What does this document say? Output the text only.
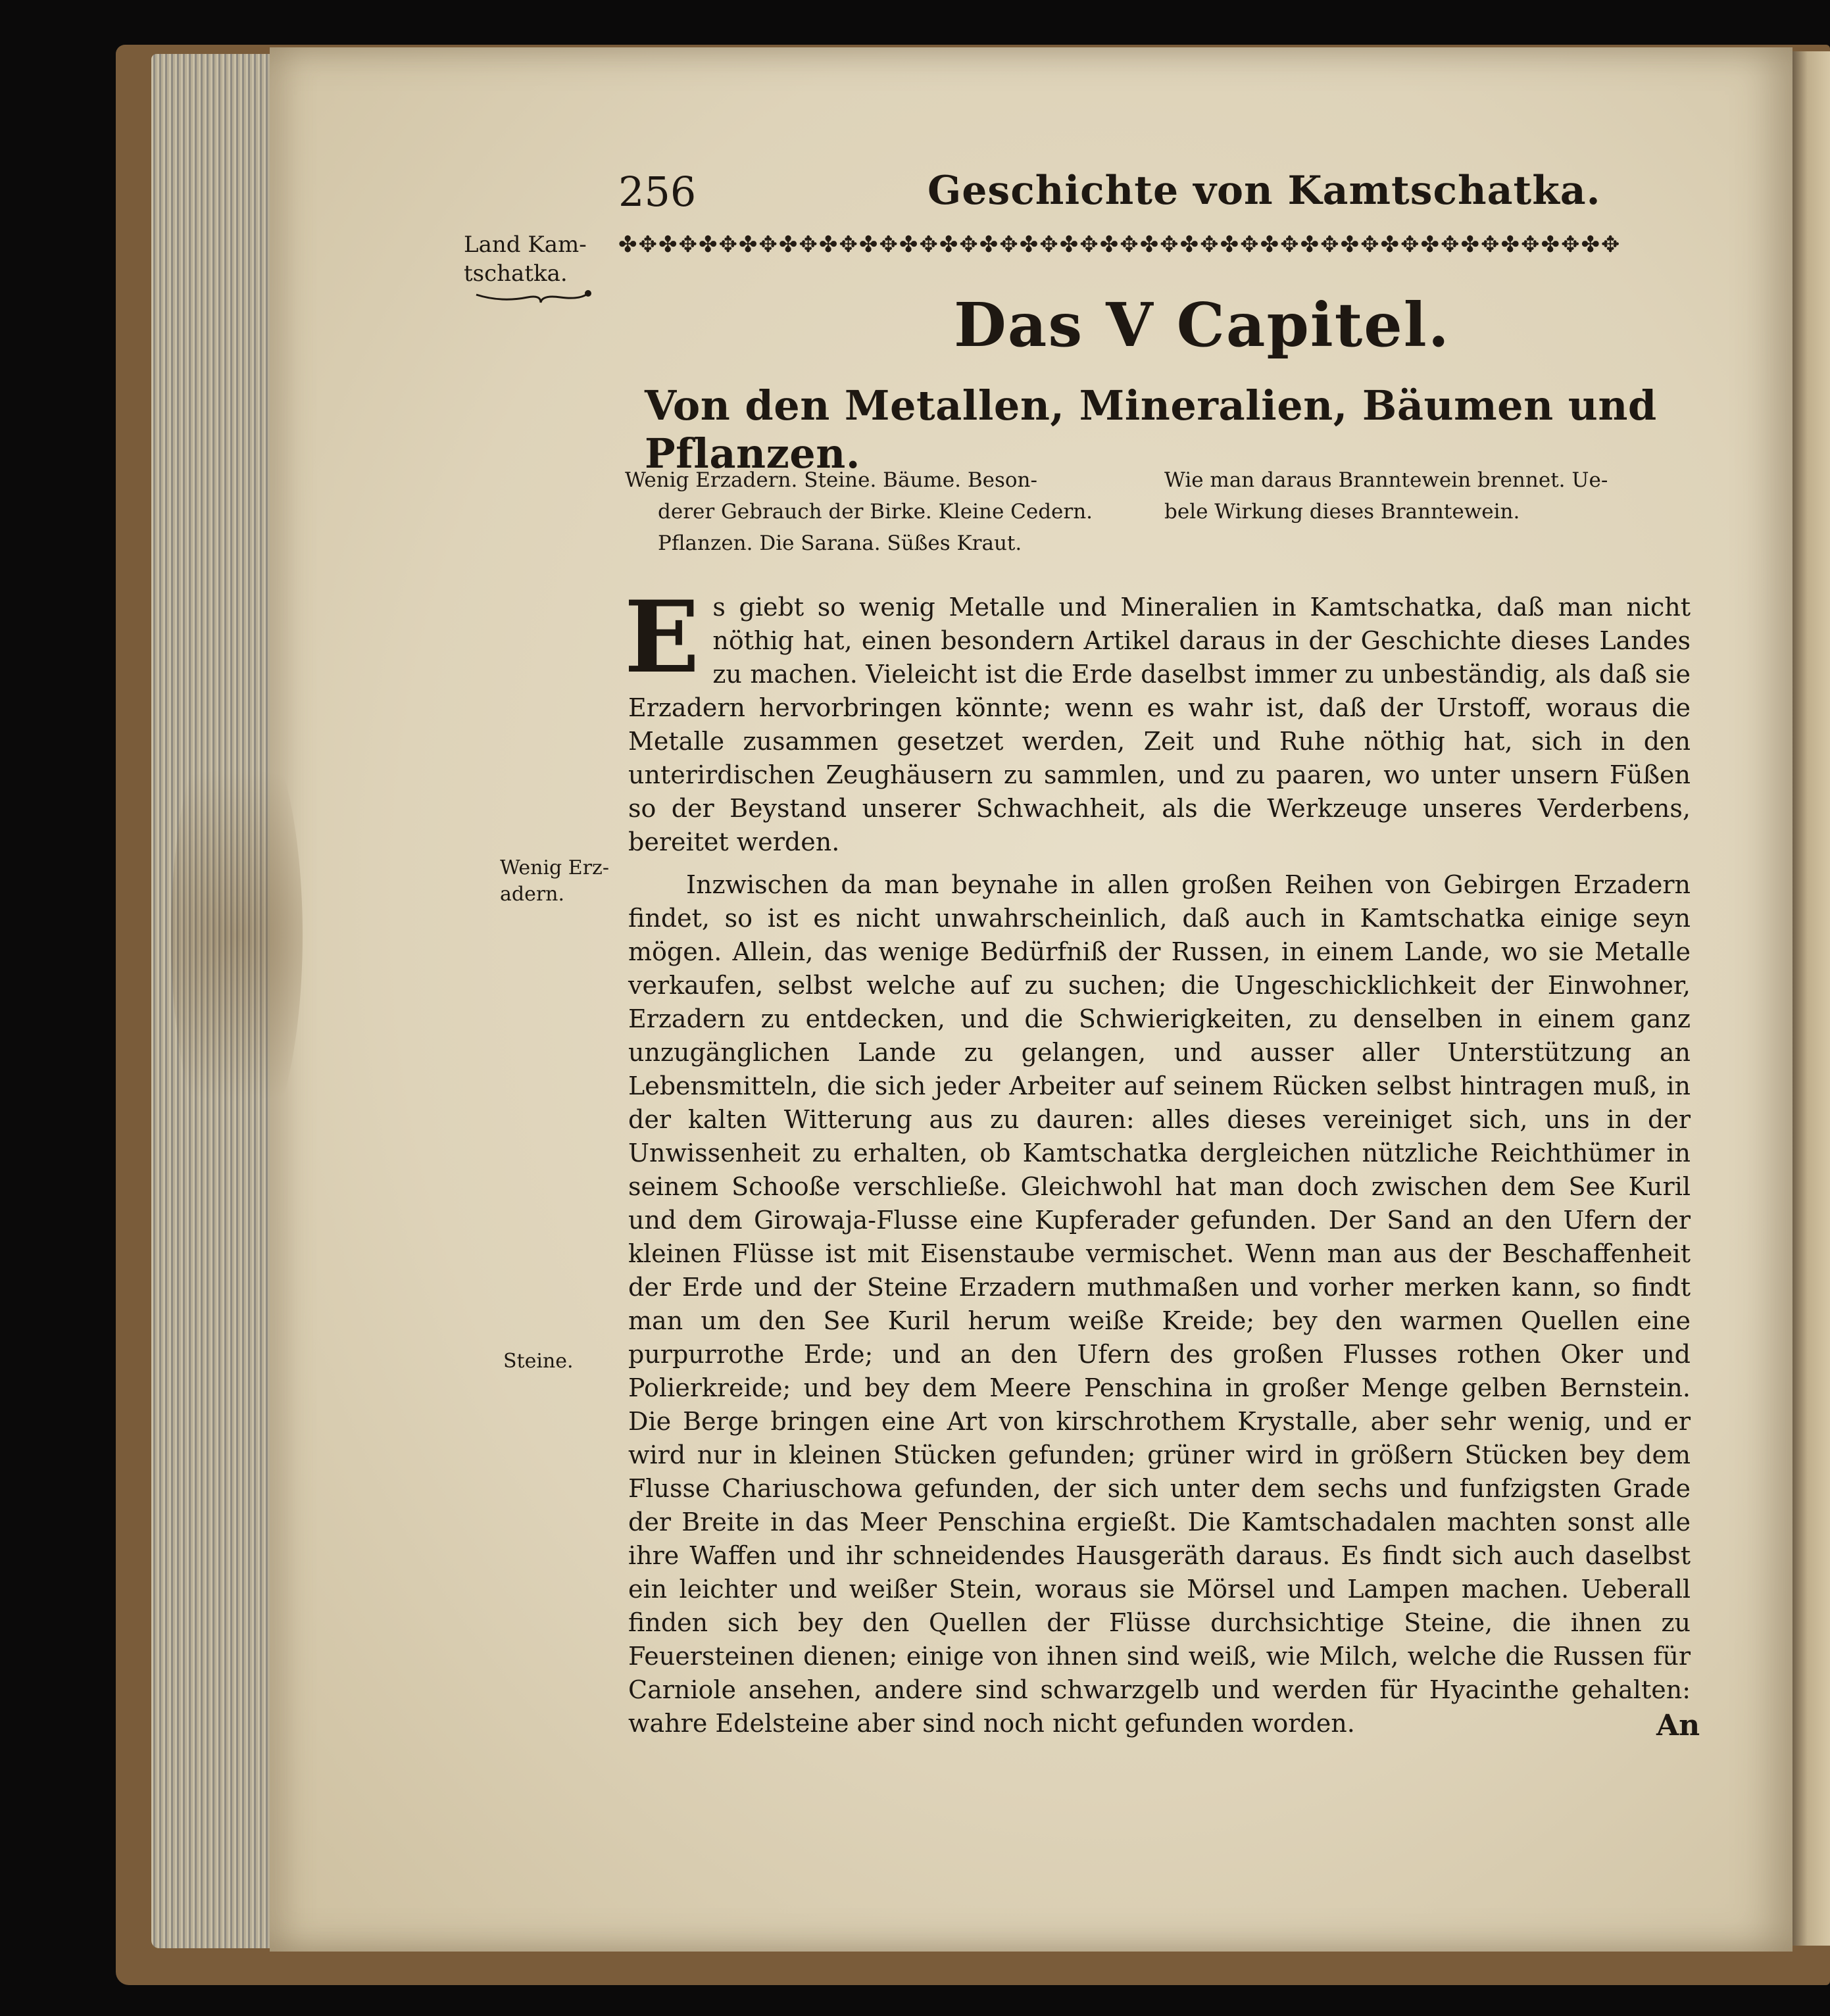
256	Geschichte von Kamtschatka.
Land Kam-
tschatka.
✤✥✤✥✤✥✤✥✤✥✤✥✤✥✤✥✤✥✤✥✤✥✤✥✤✥✤✥✤✥✤✥✤✥✤✥✤✥✤✥✤✥✤✥✤✥✤✥✤✥
Das V Capitel.
Von den Metallen, Mineralien, Bäumen und Pflanzen.
Wenig Erzadern. Steine. Bäume. Beson-
derer Gebrauch der Birke. Kleine Cedern.
Pflanzen. Die Sarana. Süßes Kraut.
Wie man daraus Branntewein brennet. Ue-
bele Wirkung dieses Branntewein.
Wenig Erz-
adern.
Steine.
E s giebt so wenig Metalle und Mineralien in Kamtschatka, daß man nicht nöthig hat, einen besondern Artikel daraus in der Geschichte dieses Landes zu machen. Vieleicht ist die Erde daselbst immer zu unbeständig, als daß sie Erzadern hervorbringen könnte; wenn es wahr ist, daß der Urstoff, woraus die Metalle zusammen gesetzet werden, Zeit und Ruhe nöthig hat, sich in den unterirdischen Zeughäusern zu sammlen, und zu paaren, wo unter unsern Füßen so der Beystand unserer Schwachheit, als die Werkzeuge unseres Verderbens, bereitet werden.
Inzwischen da man beynahe in allen großen Reihen von Gebirgen Erzadern findet, so ist es nicht unwahrscheinlich, daß auch in Kamtschatka einige seyn mögen. Allein, das wenige Bedürfniß der Russen, in einem Lande, wo sie Metalle verkaufen, selbst welche auf zu suchen; die Ungeschicklichkeit der Einwohner, Erzadern zu entdecken, und die Schwierigkeiten, zu denselben in einem ganz unzugänglichen Lande zu gelangen, und ausser aller Unterstützung an Lebensmitteln, die sich jeder Arbeiter auf seinem Rücken selbst hintragen muß, in der kalten Witterung aus zu dauren: alles dieses vereiniget sich, uns in der Unwissenheit zu erhalten, ob Kamtschatka dergleichen nützliche Reichthümer in seinem Schooße verschließe. Gleichwohl hat man doch zwischen dem See Kuril und dem Girowaja-Flusse eine Kupferader gefunden. Der Sand an den Ufern der kleinen Flüsse ist mit Eisenstaube vermischet. Wenn man aus der Beschaffenheit der Erde und der Steine Erzadern muthmaßen und vorher merken kann, so findt man um den See Kuril herum weiße Kreide; bey den warmen Quellen eine purpurrothe Erde; und an den Ufern des großen Flusses rothen Oker und Polierkreide; und bey dem Meere Penschina in großer Menge gelben Bernstein. Die Berge bringen eine Art von kirschrothem Krystalle, aber sehr wenig, und er wird nur in kleinen Stücken gefunden; grüner wird in größern Stücken bey dem Flusse Chariuschowa gefunden, der sich unter dem sechs und funfzigsten Grade der Breite in das Meer Penschina ergießt. Die Kamtschadalen machten sonst alle ihre Waffen und ihr schneidendes Hausgeräth daraus. Es findt sich auch daselbst ein leichter und weißer Stein, woraus sie Mörsel und Lampen machen. Ueberall finden sich bey den Quellen der Flüsse durchsichtige Steine, die ihnen zu Feuersteinen dienen; einige von ihnen sind weiß, wie Milch, welche die Russen für Carniole ansehen, andere sind schwarzgelb und werden für Hyacinthe gehalten: wahre Edelsteine aber sind noch nicht gefunden worden.	An
